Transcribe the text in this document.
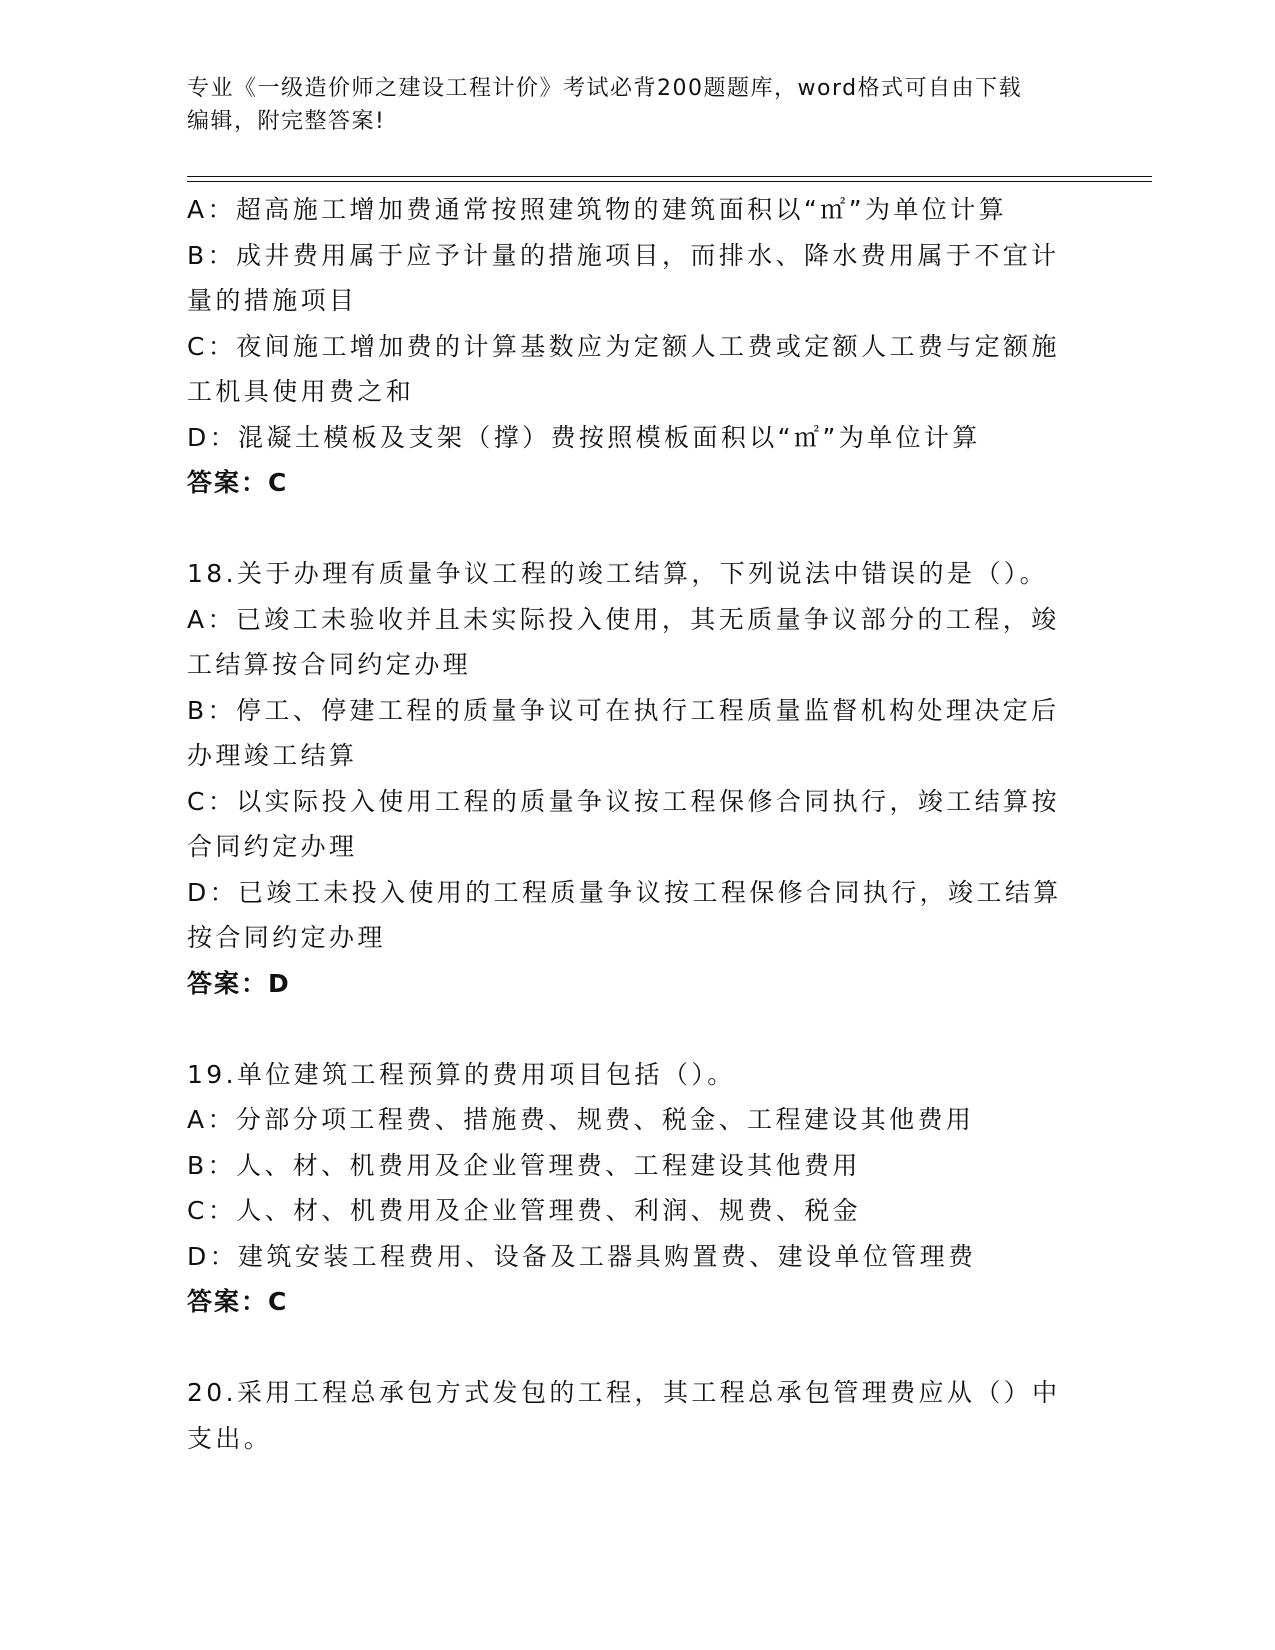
专业《一级造价师之建设工程计价》考试必背200题题库，word格式可自由下载
编辑，附完整答案!
A：超高施工增加费通常按照建筑物的建筑面积以“㎡”为单位计算
B：成井费用属于应予计量的措施项目，而排水、降水费用属于不宜计
量的措施项目
C：夜间施工增加费的计算基数应为定额人工费或定额人工费与定额施
工机具使用费之和
D：混凝土模板及支架（撑）费按照模板面积以“㎡”为单位计算
答案：C
18.关于办理有质量争议工程的竣工结算，下列说法中错误的是（）。
A：已竣工未验收并且未实际投入使用，其无质量争议部分的工程，竣
工结算按合同约定办理
B：停工、停建工程的质量争议可在执行工程质量监督机构处理决定后
办理竣工结算
C：以实际投入使用工程的质量争议按工程保修合同执行，竣工结算按
合同约定办理
D：已竣工未投入使用的工程质量争议按工程保修合同执行，竣工结算
按合同约定办理
答案：D
19.单位建筑工程预算的费用项目包括（）。
A：分部分项工程费、措施费、规费、税金、工程建设其他费用
B：人、材、机费用及企业管理费、工程建设其他费用
C：人、材、机费用及企业管理费、利润、规费、税金
D：建筑安装工程费用、设备及工器具购置费、建设单位管理费
答案：C
20.采用工程总承包方式发包的工程，其工程总承包管理费应从（）中
支出。
